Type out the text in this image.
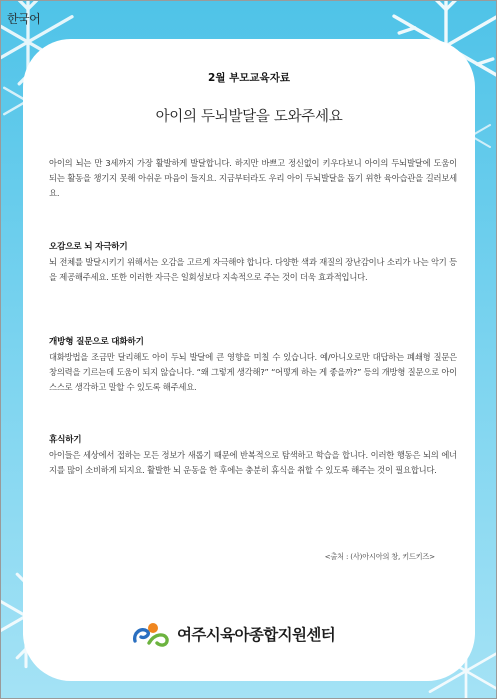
한국어
2월 부모교육자료
아이의 두뇌발달을 도와주세요
아이의 뇌는 만 3세까지 가장 활발하게 발달합니다. 하지만 바쁘고 정신없이 키우다보니 아이의 두뇌발달에 도움이 되는 활동을 챙기지 못해 아쉬운 마음이 들지요. 지금부터라도 우리 아이 두뇌발달을 돕기 위한 육아습관을 길러보세요.
오감으로 뇌 자극하기
뇌 전체를 발달시키기 위해서는 오감을 고르게 자극해야 합니다. 다양한 색과 재질의 장난감이나 소리가 나는 악기 등을 제공해주세요. 또한 이러한 자극은 일회성보다 지속적으로 주는 것이 더욱 효과적입니다.
개방형 질문으로 대화하기
대화방법을 조금만 달리해도 아이 두뇌 발달에 큰 영향을 미칠 수 있습니다. 예/아니오로만 대답하는 폐쇄형 질문은 창의력을 기르는데 도움이 되지 않습니다. “왜 그렇게 생각해?” “어떻게 하는 게 좋을까?” 등의 개방형 질문으로 아이 스스로 생각하고 말할 수 있도록 해주세요.
휴식하기
아이들은 세상에서 접하는 모든 정보가 새롭기 때문에 반복적으로 탐색하고 학습을 합니다. 이러한 행동은 뇌의 에너지를 많이 소비하게 되지요. 활발한 뇌 운동을 한 후에는 충분히 휴식을 취할 수 있도록 해주는 것이 필요합니다.
<출처 : (사)아시아의 창, 키드키즈>
여주시육아종합지원센터
